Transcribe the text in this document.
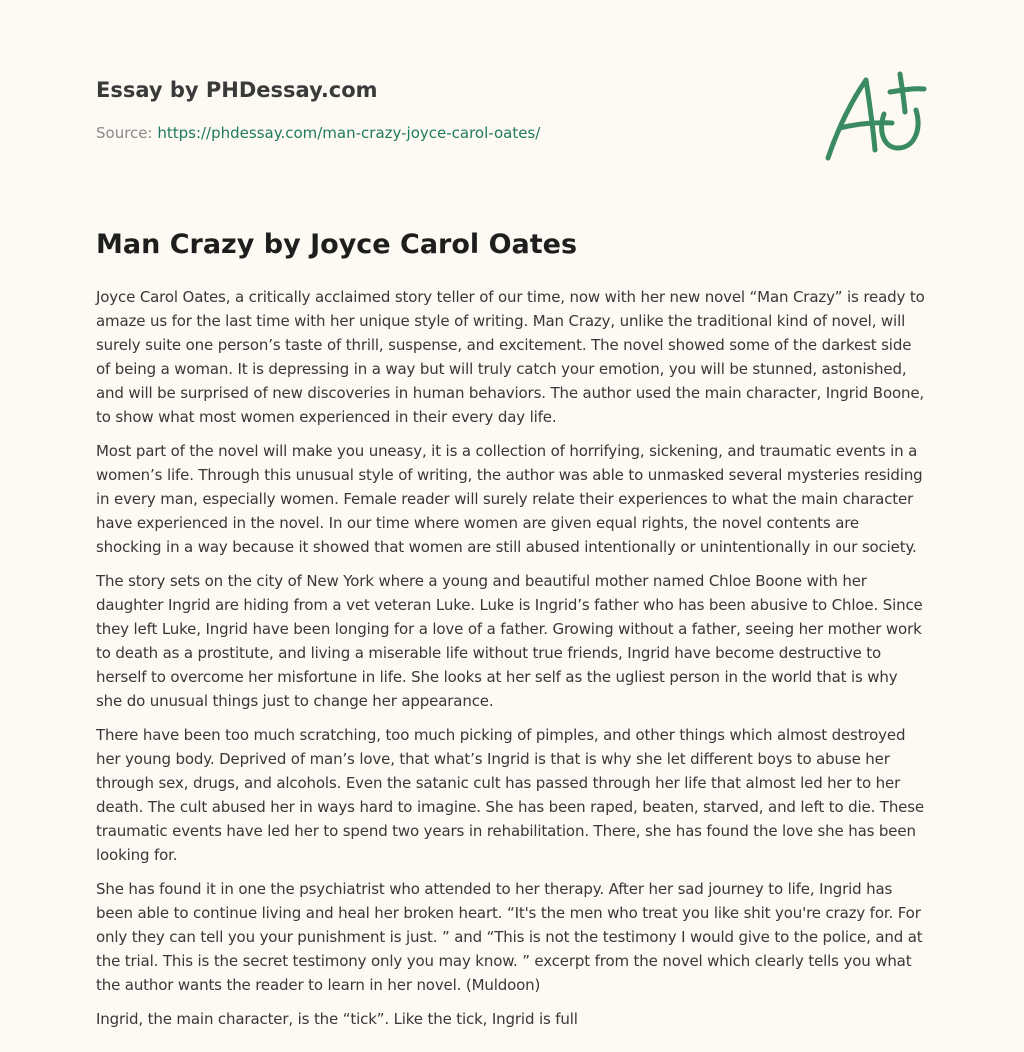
Essay by PHDessay.com
Source: https://phdessay.com/man-crazy-joyce-carol-oates/
Man Crazy by Joyce Carol Oates

Joyce Carol Oates, a critically acclaimed story teller of our time, now with her new novel “Man Crazy” is ready to amaze us for the last time with her unique style of writing. Man Crazy, unlike the traditional kind of novel, will surely suite one person’s taste of thrill, suspense, and excitement. The novel showed some of the darkest side of being a woman. It is depressing in a way but will truly catch your emotion, you will be stunned, astonished, and will be surprised of new discoveries in human behaviors. The author used the main character, Ingrid Boone, to show what most women experienced in their every day life.

Most part of the novel will make you uneasy, it is a collection of horrifying, sickening, and traumatic events in a women’s life. Through this unusual style of writing, the author was able to unmasked several mysteries residing in every man, especially women. Female reader will surely relate their experiences to what the main character have experienced in the novel. In our time where women are given equal rights, the novel contents are shocking in a way because it showed that women are still abused intentionally or unintentionally in our society.

The story sets on the city of New York where a young and beautiful mother named Chloe Boone with her daughter Ingrid are hiding from a vet veteran Luke. Luke is Ingrid’s father who has been abusive to Chloe. Since they left Luke, Ingrid have been longing for a love of a father. Growing without a father, seeing her mother work to death as a prostitute, and living a miserable life without true friends, Ingrid have become destructive to herself to overcome her misfortune in life. She looks at her self as the ugliest person in the world that is why she do unusual things just to change her appearance.

There have been too much scratching, too much picking of pimples, and other things which almost destroyed her young body. Deprived of man’s love, that what’s Ingrid is that is why she let different boys to abuse her through sex, drugs, and alcohols. Even the satanic cult has passed through her life that almost led her to her death. The cult abused her in ways hard to imagine. She has been raped, beaten, starved, and left to die. These traumatic events have led her to spend two years in rehabilitation. There, she has found the love she has been looking for.

She has found it in one the psychiatrist who attended to her therapy. After her sad journey to life, Ingrid has been able to continue living and heal her broken heart. “It's the men who treat you like shit you're crazy for. For only they can tell you your punishment is just. ” and “This is not the testimony I would give to the police, and at the trial. This is the secret testimony only you may know. ” excerpt from the novel which clearly tells you what the author wants the reader to learn in her novel. (Muldoon)

Ingrid, the main character, is the “tick”. Like the tick, Ingrid is full
